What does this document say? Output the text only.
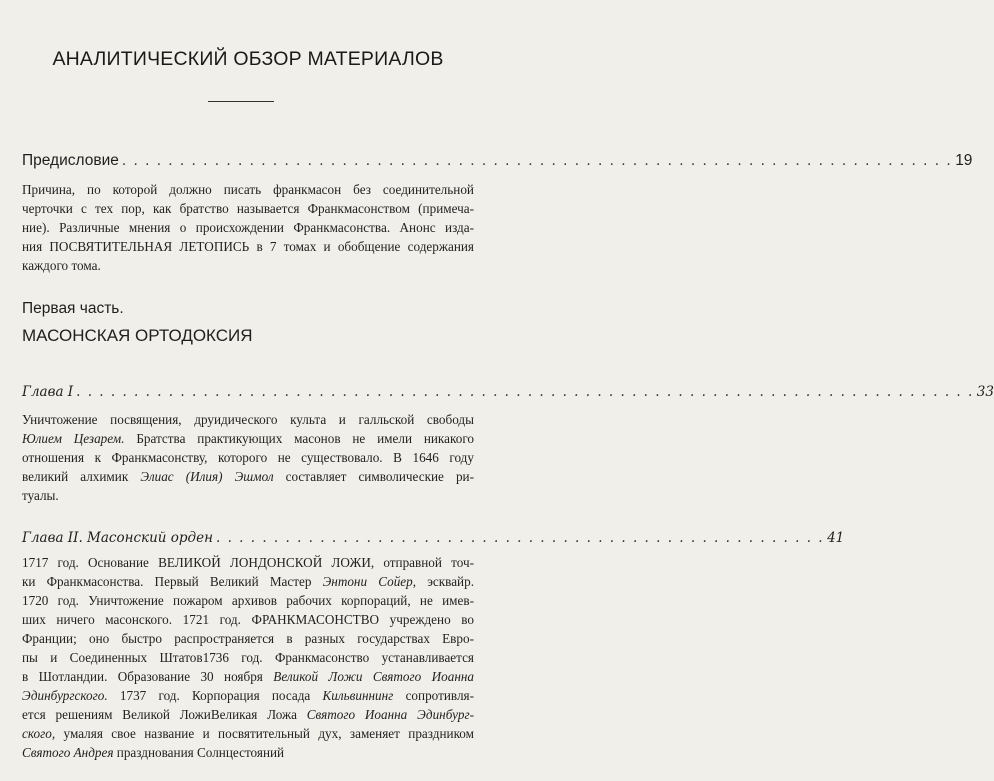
АНАЛИТИЧЕСКИЙ ОБЗОР МАТЕРИАЛОВ
Предисловие . . . . . . . . . . . . . . . . . . . . . . . . . . . . . . . . . . . . . . . . . . . . . . . . . . . . . . . . . . . . . . . . . . . . . . . . 19
Причина, по которой должно писать франкмасон без соединительной
черточки с тех пор, как братство называется Франкмасонством (примеча-
ние). Различные мнения о происхождении Франкмасонства. Анонс изда-
ния ПОСВЯТИТЕЛЬНАЯ ЛЕТОПИСЬ в 7 томах и обобщение содержания
каждого тома.
Первая часть.
МАСОНСКАЯ ОРТОДОКСИЯ
Глава I . . . . . . . . . . . . . . . . . . . . . . . . . . . . . . . . . . . . . . . . . . . . . . . . . . . . . . . . . . . . . . . . . . . . . . . . . . . . . . 33
Уничтожение посвящения, друидического культа и галльской свободы
Юлием Цезарем. Братства практикующих масонов не имели никакого
отношения к Франкмасонству, которого не существовало. В 1646 году
великий алхимик Элиас (Илия) Эшмол составляет символические ри-
туалы.
Глава II. Масонский орден . . . . . . . . . . . . . . . . . . . . . . . . . . . . . . . . . . . . . . . . . . . . . . . . . . . . . 41
1717 год. Основание ВЕЛИКОЙ ЛОНДОНСКОЙ ЛОЖИ, отправной точ-
ки Франкмасонства. Первый Великий Мастер Энтони Сойер, эсквайр.
1720 год. Уничтожение пожаром архивов рабочих корпораций, не имев-
ших ничего масонского. 1721 год. ФРАНКМАСОНСТВО учреждено во
Франции; оно быстро распространяется в разных государствах Евро-
пы и Соединенных Штатов1736 год. Франкмасонство устанавливается
в Шотландии. Образование 30 ноября Великой Ложи Святого Иоанна
Эдинбургского. 1737 год. Корпорация посада Кильвиннинг сопротивля-
ется решениям Великой ЛожиВеликая Ложа Святого Иоанна Эдинбург-
ского, умаляя свое название и посвятительный дух, заменяет праздником
Святого Андрея празднования Солнцестояний
